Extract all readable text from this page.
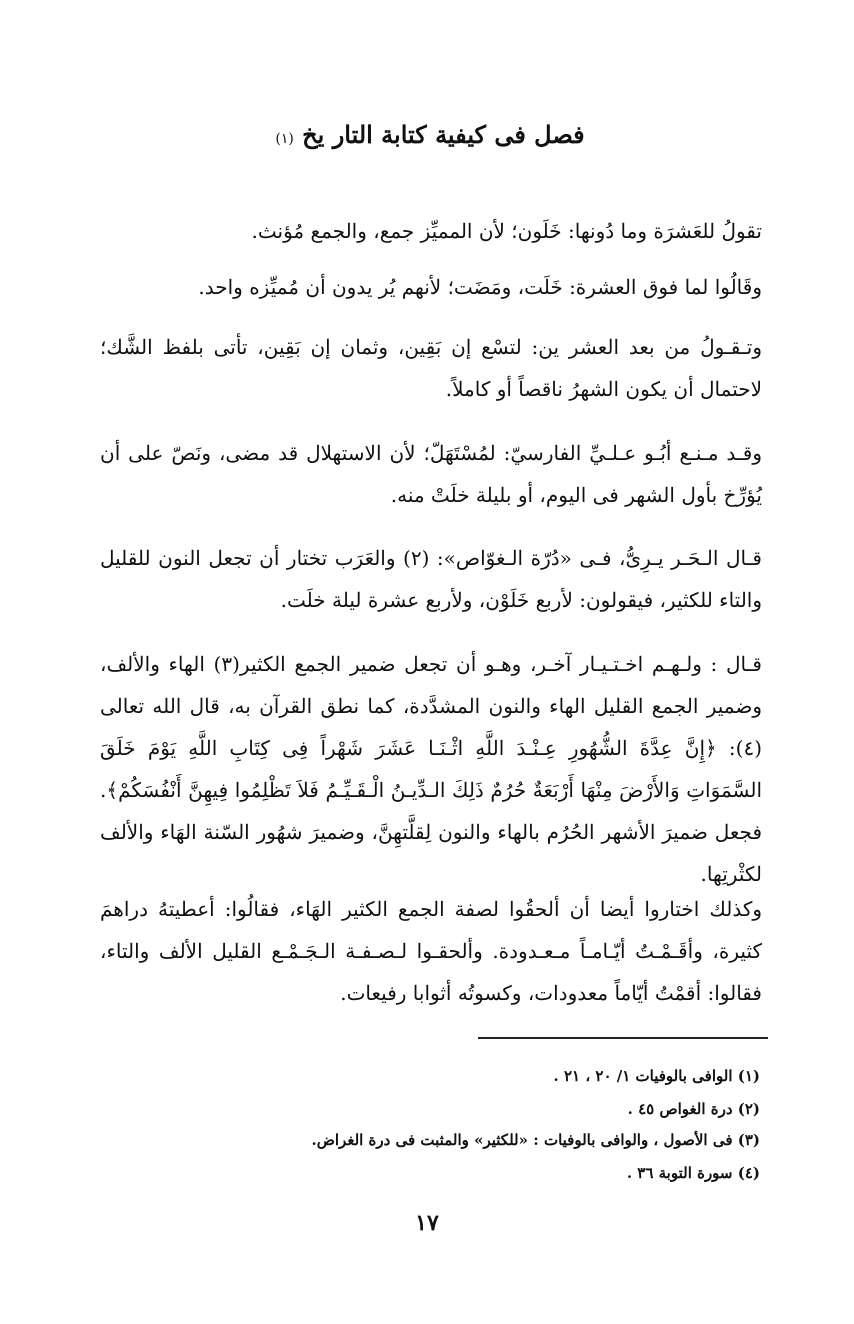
فصل فى كيفية كتابة التار يخ (١)
تقولُ للعَشرَة وما دُونها: خَلَون؛ لأن المميِّز جمع، والجمع مُؤنث.
وقَالُوا لما فوق العشرة: خَلَت، ومَضَت؛ لأنهم يُر يدون أن مُميِّزه واحد.
وتـقـولُ من بعد العشر ين: لتسْع إن بَقِين، وثمان إن بَقِين، تأتى بلفظ الشَّك؛ لاحتمال أن يكون الشهرُ ناقصاً أو كاملاً.
وقـد مـنـع أبُـو عـلـيِّ الفارسيّ: لمُسْتَهَلّ؛ لأن الاستهلال قد مضى، ونَصّ على أن يُؤرِّخ بأول الشهر فى اليوم، أو بليلة خلَتْ منه.
قـال الـحَـر يـرِىُّ، فـى «دُرّة الـغوّاص»: (٢) والعَرَب تختار أن تجعل النون للقليل والتاء للكثير، فيقولون: لأربع خَلَوْن، ولأربع عشرة ليلة خلَت.
قـال : ولـهـم اخـتـيـار آخـر، وهـو أن تجعل ضمير الجمع الكثير(٣) الهاء والألف، وضمير الجمع القليل الهاء والنون المشدَّدة، كما نطق القرآن به، قال الله تعالى (٤): ﴿إِنَّ عِدَّةَ الشُّهُورِ عِـنْـدَ اللَّهِ اثْـنَـا عَشَرَ شَهْراً فِى كِتَابِ اللَّهِ يَوْمَ خَلَقَ السَّمَوَاتِ وَالأَرْضَ مِنْهَا أَرْبَعَةٌ حُرُمٌ ذَلِكَ الـدِّيـنُ الْـقَـيِّـمُ فَلاَ تَظْلِمُوا فِيهِنَّ أَنْفُسَكُمْ﴾. فجعل ضميرَ الأشهر الحُرُم بالهاء والنون لِقلَّتهِنَّ، وضميرَ شهُور السّنة الهَاء والألف لكثْرتِها.
وكذلك اختاروا أيضا أن ألحقُوا لصفة الجمع الكثير الهَاء، فقالُوا: أعطيتهُ دراهمَ كثيرة، وأقَـمْـتُ أيّـامـاً مـعـدودة. وألحقـوا لـصـفـة الـجَـمْـع القليل الألف والتاء، فقالوا: أقمْتُ أيّاماً معدودات، وكسوتُه أثوابا رفيعات.
(١) الوافى بالوفيات ١/ ٢٠ ، ٢١ .
(٢) درة الغواص ٤٥ .
(٣) فى الأصول ، والوافى بالوفيات : «للكثير» والمثبت فى درة الغراض.
(٤) سورة التوبة ٣٦ .
١٧
